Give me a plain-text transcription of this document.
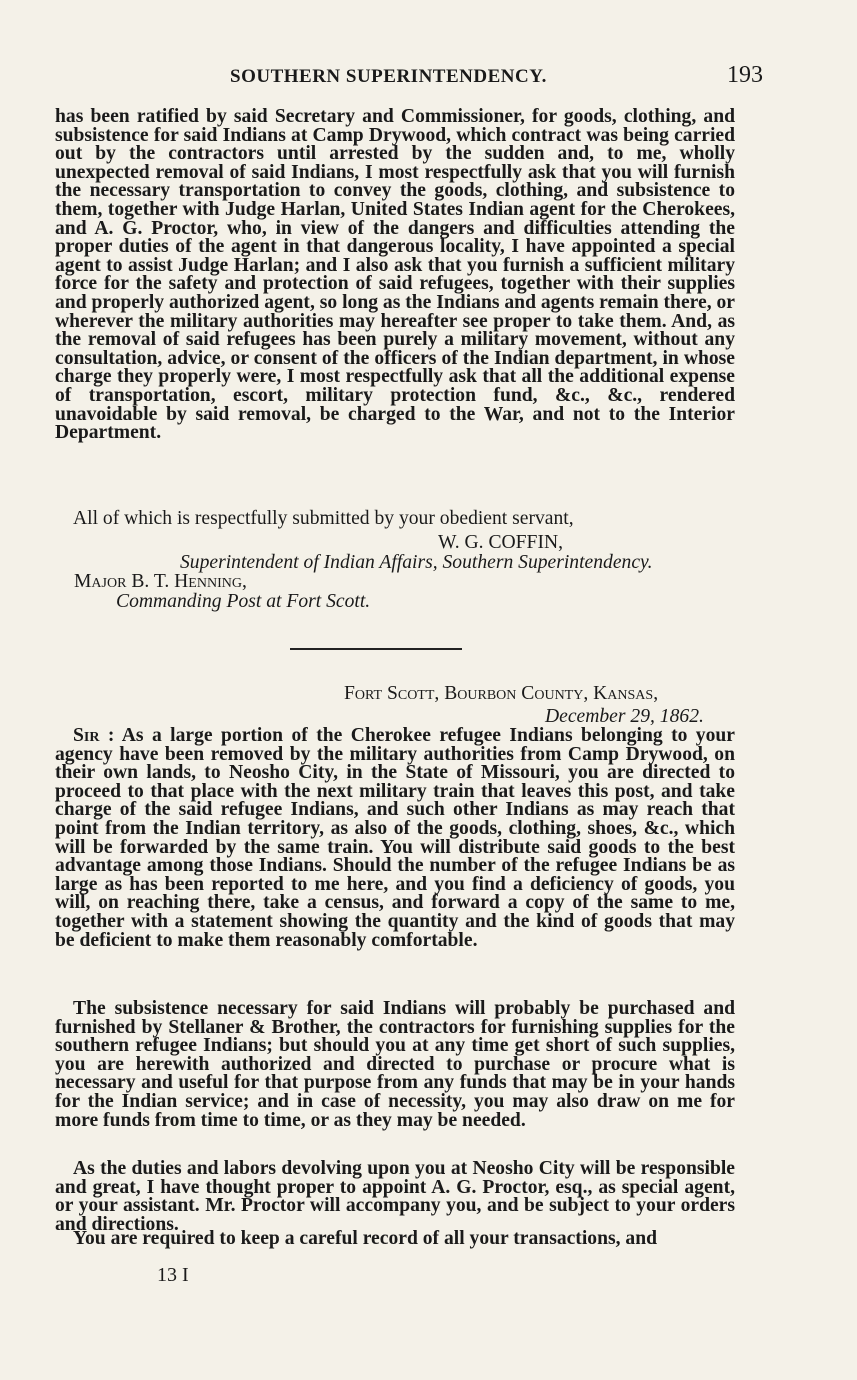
SOUTHERN SUPERINTENDENCY.	193

has been ratified by said Secretary and Commissioner, for goods, clothing, and subsistence for said Indians at Camp Drywood, which contract was being carried out by the contractors until arrested by the sudden and, to me, wholly unexpected removal of said Indians, I most respectfully ask that you will furnish the necessary transportation to convey the goods, clothing, and subsistence to them, together with Judge Harlan, United States Indian agent for the Cherokees, and A. G. Proctor, who, in view of the dangers and difficulties attending the proper duties of the agent in that dangerous locality, I have appointed a special agent to assist Judge Harlan; and I also ask that you furnish a sufficient military force for the safety and protection of said refugees, together with their supplies and properly authorized agent, so long as the Indians and agents remain there, or wherever the military authorities may hereafter see proper to take them. And, as the removal of said refugees has been purely a military movement, without any consultation, advice, or consent of the officers of the Indian department, in whose charge they properly were, I most respectfully ask that all the additional expense of transportation, escort, military protection fund, &c., &c., rendered unavoidable by said removal, be charged to the War, and not to the Interior Department.

All of which is respectfully submitted by your obedient servant,

W. G. COFFIN,
Superintendent of Indian Affairs, Southern Superintendency.
Major B. T. Henning,
Commanding Post at Fort Scott.
Fort Scott, Bourbon County, Kansas,
December 29, 1862.

Sir : As a large portion of the Cherokee refugee Indians belonging to your agency have been removed by the military authorities from Camp Drywood, on their own lands, to Neosho City, in the State of Missouri, you are directed to proceed to that place with the next military train that leaves this post, and take charge of the said refugee Indians, and such other Indians as may reach that point from the Indian territory, as also of the goods, clothing, shoes, &c., which will be forwarded by the same train. You will distribute said goods to the best advantage among those Indians. Should the number of the refugee Indians be as large as has been reported to me here, and you find a deficiency of goods, you will, on reaching there, take a census, and forward a copy of the same to me, together with a statement showing the quantity and the kind of goods that may be deficient to make them reasonably comfortable.

The subsistence necessary for said Indians will probably be purchased and furnished by Stellaner & Brother, the contractors for furnishing supplies for the southern refugee Indians; but should you at any time get short of such supplies, you are herewith authorized and directed to purchase or procure what is necessary and useful for that purpose from any funds that may be in your hands for the Indian service; and in case of necessity, you may also draw on me for more funds from time to time, or as they may be needed.

As the duties and labors devolving upon you at Neosho City will be responsible and great, I have thought proper to appoint A. G. Proctor, esq., as special agent, or your assistant. Mr. Proctor will accompany you, and be subject to your orders and directions.

You are required to keep a careful record of all your transactions, and

13 I
